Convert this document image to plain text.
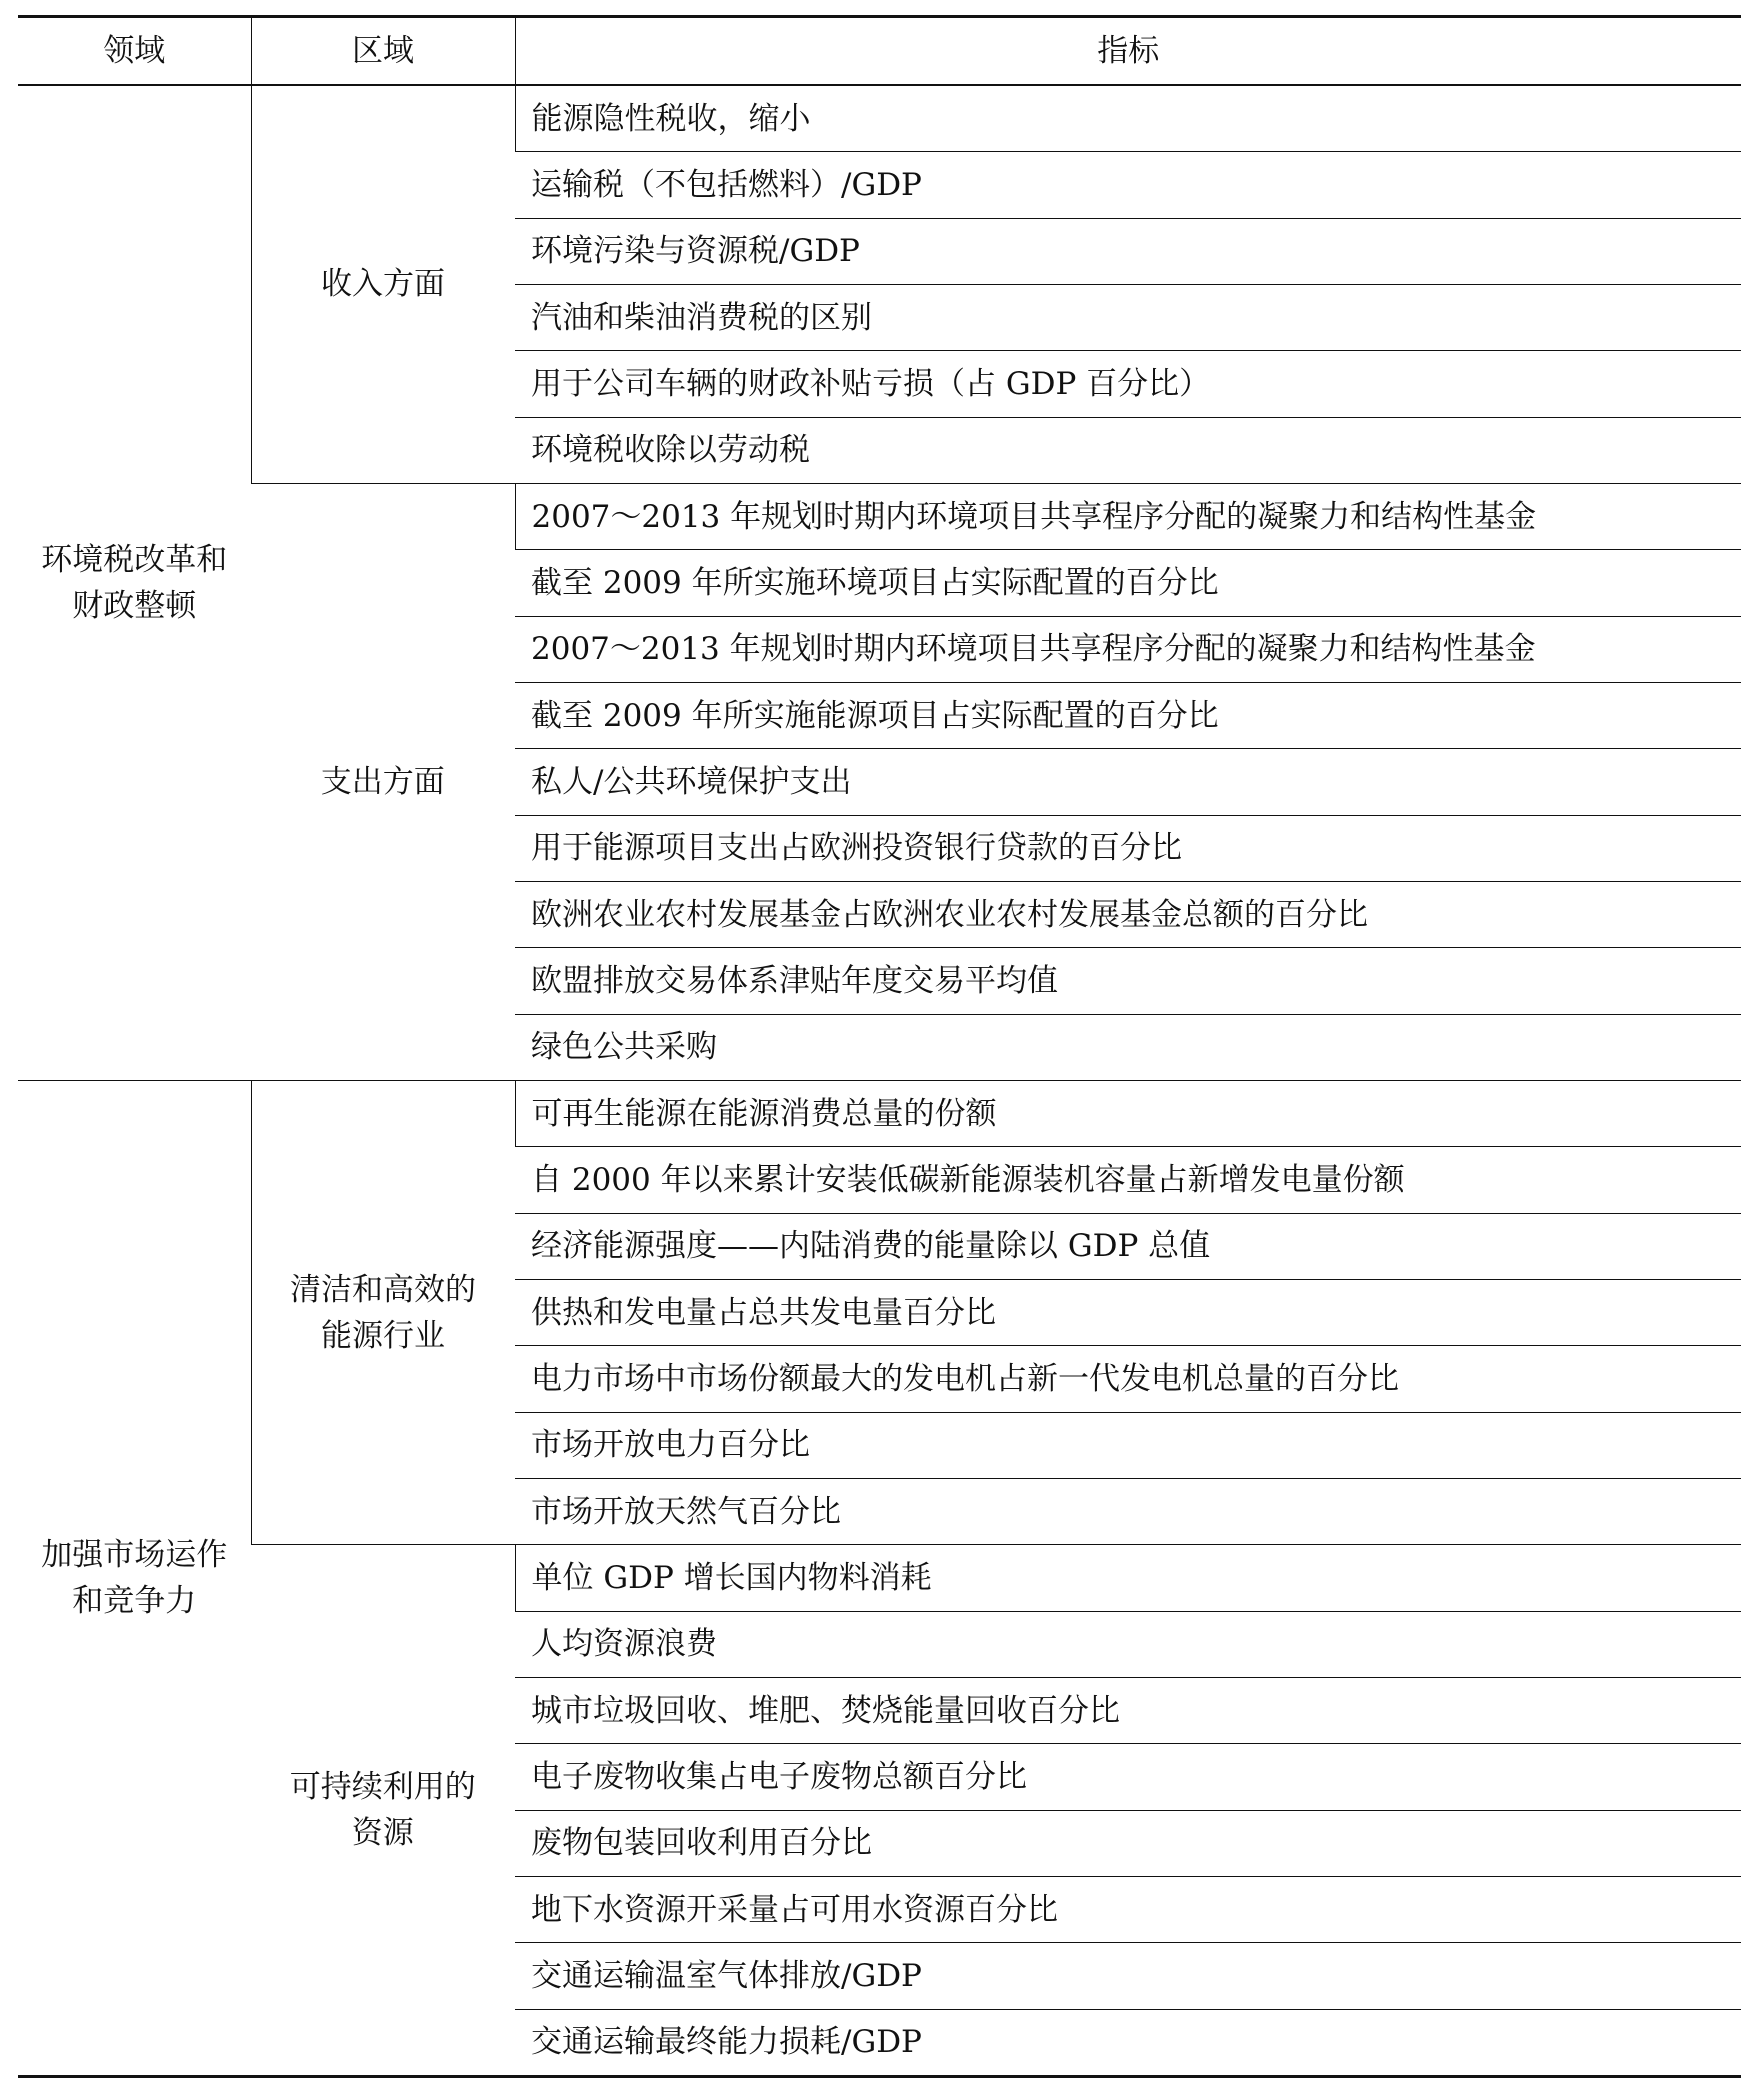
领域	区域	指标
环境税改革和财政整顿	收入方面	能源隐性税收，缩小
		运输税（不包括燃料）/GDP
		环境污染与资源税/GDP
		汽油和柴油消费税的区别
		用于公司车辆的财政补贴亏损（占 GDP 百分比）
		环境税收除以劳动税
	支出方面	2007～2013 年规划时期内环境项目共享程序分配的凝聚力和结构性基金
		截至 2009 年所实施环境项目占实际配置的百分比
		2007～2013 年规划时期内环境项目共享程序分配的凝聚力和结构性基金
		截至 2009 年所实施能源项目占实际配置的百分比
		私人/公共环境保护支出
		用于能源项目支出占欧洲投资银行贷款的百分比
		欧洲农业农村发展基金占欧洲农业农村发展基金总额的百分比
		欧盟排放交易体系津贴年度交易平均值
		绿色公共采购
加强市场运作和竞争力	清洁和高效的能源行业	可再生能源在能源消费总量的份额
		自 2000 年以来累计安装低碳新能源装机容量占新增发电量份额
		经济能源强度——内陆消费的能量除以 GDP 总值
		供热和发电量占总共发电量百分比
		电力市场中市场份额最大的发电机占新一代发电机总量的百分比
		市场开放电力百分比
		市场开放天然气百分比
	可持续利用的资源	单位 GDP 增长国内物料消耗
		人均资源浪费
		城市垃圾回收、堆肥、焚烧能量回收百分比
		电子废物收集占电子废物总额百分比
		废物包装回收利用百分比
		地下水资源开采量占可用水资源百分比
		交通运输温室气体排放/GDP
		交通运输最终能力损耗/GDP
